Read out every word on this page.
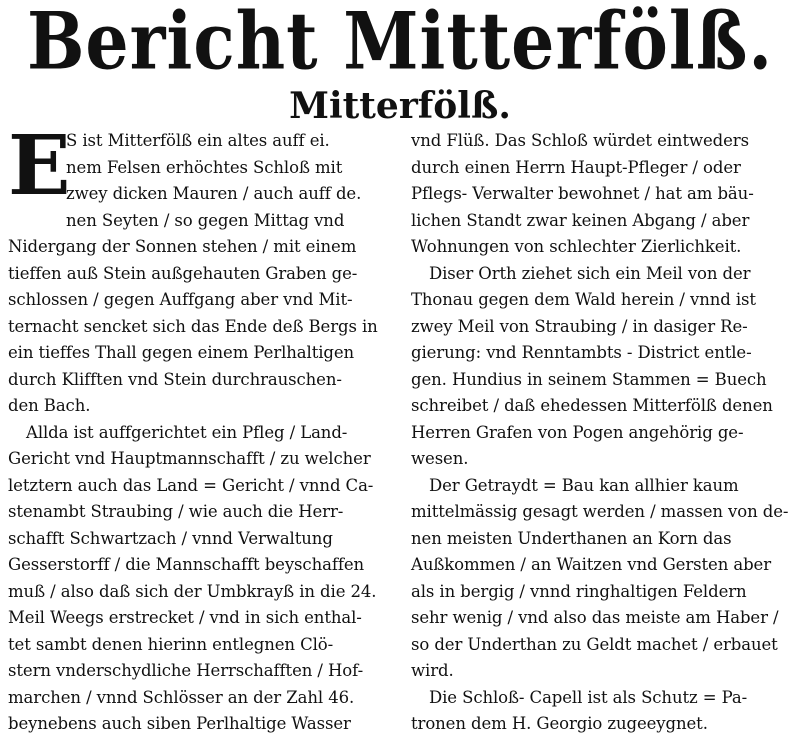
Bericht Mitterfölß.
Mitterfölß.
E
S ist Mitterfölß ein altes auff ei.
nem Felsen erhöchtes Schloß mit
zwey dicken Mauren / auch auff de.
nen Seyten / so gegen Mittag vnd
Nidergang der Sonnen stehen / mit einem
tieffen auß Stein außgehauten Graben ge-
schlossen / gegen Auffgang aber vnd Mit-
ternacht sencket sich das Ende deß Bergs in
ein tieffes Thall gegen einem Perlhaltigen
durch Klifften vnd Stein durchrauschen-
den Bach.
Allda ist auffgerichtet ein Pfleg / Land-
Gericht vnd Hauptmannschafft / zu welcher
letztern auch das Land = Gericht / vnnd Ca-
stenambt Straubing / wie auch die Herr-
schafft Schwartzach / vnnd Verwaltung
Gesserstorff / die Mannschafft beyschaffen
muß / also daß sich der Umbkrayß in die 24.
Meil Weegs erstrecket / vnd in sich enthal-
tet sambt denen hierinn entlegnen Clö-
stern vnderschydliche Herrschafften / Hof-
marchen / vnnd Schlösser an der Zahl 46.
beynebens auch siben Perlhaltige Wasser
vnd Flüß. Das Schloß würdet eintweders
durch einen Herrn Haupt-Pfleger / oder
Pflegs- Verwalter bewohnet / hat am bäu-
lichen Standt zwar keinen Abgang / aber
Wohnungen von schlechter Zierlichkeit.
Diser Orth ziehet sich ein Meil von der
Thonau gegen dem Wald herein / vnnd ist
zwey Meil von Straubing / in dasiger Re-
gierung: vnd Renntambts - District entle-
gen. Hundius in seinem Stammen = Buech
schreibet / daß ehedessen Mitterfölß denen
Herren Grafen von Pogen angehörig ge-
wesen.
Der Getraydt = Bau kan allhier kaum
mittelmässig gesagt werden / massen von de-
nen meisten Underthanen an Korn das
Außkommen / an Waitzen vnd Gersten aber
als in bergig / vnnd ringhaltigen Feldern
sehr wenig / vnd also das meiste am Haber /
so der Underthan zu Geldt machet / erbauet
wird.
Die Schloß- Capell ist als Schutz = Pa-
tronen dem H. Georgio zugeeygnet.
